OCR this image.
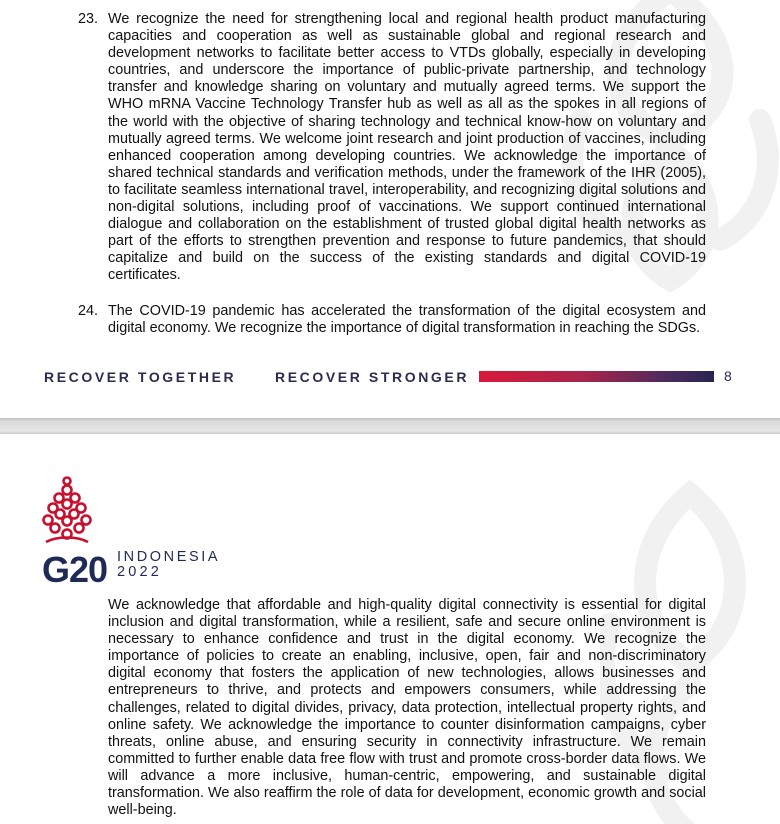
23. We recognize the need for strengthening local and regional health product manufacturing capacities and cooperation as well as sustainable global and regional research and development networks to facilitate better access to VTDs globally, especially in developing countries, and underscore the importance of public-private partnership, and technology transfer and knowledge sharing on voluntary and mutually agreed terms. We support the WHO mRNA Vaccine Technology Transfer hub as well as all as the spokes in all regions of the world with the objective of sharing technology and technical know-how on voluntary and mutually agreed terms. We welcome joint research and joint production of vaccines, including enhanced cooperation among developing countries. We acknowledge the importance of shared technical standards and verification methods, under the framework of the IHR (2005), to facilitate seamless international travel, interoperability, and recognizing digital solutions and non-digital solutions, including proof of vaccinations. We support continued international dialogue and collaboration on the establishment of trusted global digital health networks as part of the efforts to strengthen prevention and response to future pandemics, that should capitalize and build on the success of the existing standards and digital COVID-19 certificates.

24. The COVID-19 pandemic has accelerated the transformation of the digital ecosystem and digital economy. We recognize the importance of digital transformation in reaching the SDGs.

RECOVER TOGETHER	RECOVER STRONGER	8
G20 INDONESIA
2022

We acknowledge that affordable and high-quality digital connectivity is essential for digital inclusion and digital transformation, while a resilient, safe and secure online environment is necessary to enhance confidence and trust in the digital economy. We recognize the importance of policies to create an enabling, inclusive, open, fair and non-discriminatory digital economy that fosters the application of new technologies, allows businesses and entrepreneurs to thrive, and protects and empowers consumers, while addressing the challenges, related to digital divides, privacy, data protection, intellectual property rights, and online safety. We acknowledge the importance to counter disinformation campaigns, cyber threats, online abuse, and ensuring security in connectivity infrastructure. We remain committed to further enable data free flow with trust and promote cross-border data flows. We will advance a more inclusive, human-centric, empowering, and sustainable digital transformation. We also reaffirm the role of data for development, economic growth and social well-being.
